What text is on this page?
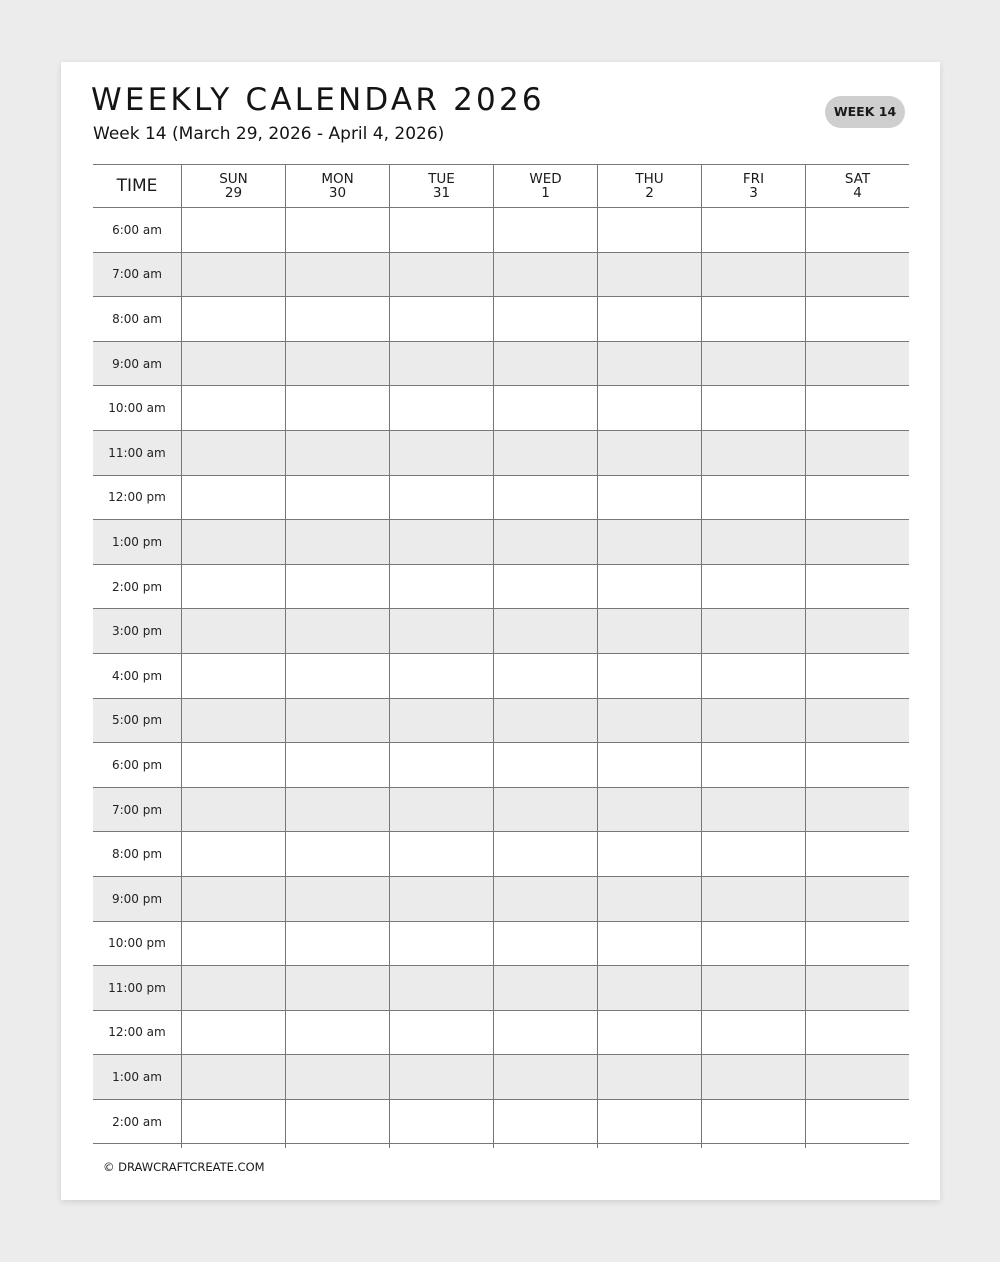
WEEKLY CALENDAR 2026
Week 14 (March 29, 2026 - April 4, 2026)
WEEK 14
TIME	SUN
29
MON
30
TUE
31
WED
1
THU
2
FRI
3
SAT
4
6:00 am
7:00 am
8:00 am
9:00 am
10:00 am
11:00 am
12:00 pm
1:00 pm
2:00 pm
3:00 pm
4:00 pm
5:00 pm
6:00 pm
7:00 pm
8:00 pm
9:00 pm
10:00 pm
11:00 pm
12:00 am
1:00 am
2:00 am
© DRAWCRAFTCREATE.COM
